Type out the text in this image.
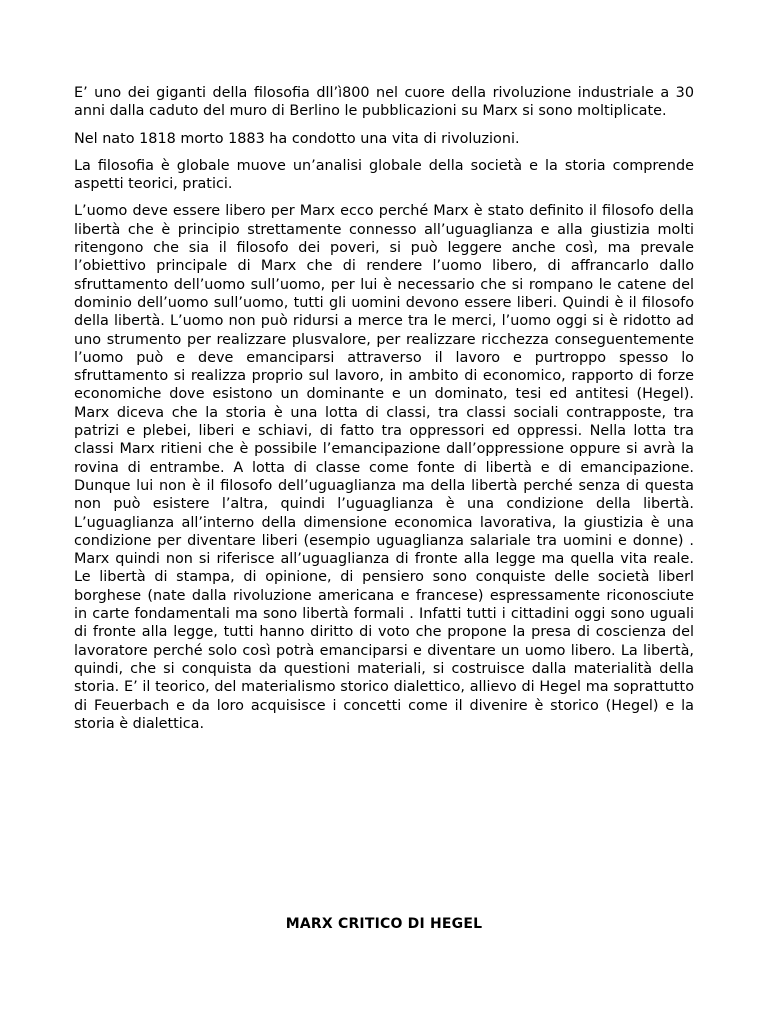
E’ uno dei giganti della filosofia dll’ì800 nel cuore della rivoluzione industriale a 30 anni dalla caduto del muro di Berlino le pubblicazioni su Marx si sono moltiplicate.

Nel nato 1818 morto 1883 ha condotto una vita di rivoluzioni.

La filosofia è globale muove un’analisi globale della società e la storia comprende aspetti teorici, pratici.

L’uomo deve essere libero per Marx ecco perché Marx è stato definito il filosofo della libertà che è principio strettamente connesso all’uguaglianza e alla giustizia molti ritengono che sia il filosofo dei poveri, si può leggere anche così, ma prevale l’obiettivo principale di Marx che di rendere l’uomo libero, di affrancarlo dallo sfruttamento dell’uomo sull’uomo, per lui è necessario che si rompano le catene del dominio dell’uomo sull’uomo, tutti gli uomini devono essere liberi. Quindi è il filosofo della libertà. L’uomo non può ridursi a merce tra le merci, l’uomo oggi si è ridotto ad uno strumento per realizzare plusvalore, per realizzare ricchezza conseguentemente l’uomo può e deve emanciparsi attraverso il lavoro e purtroppo spesso lo sfruttamento si realizza proprio sul lavoro, in ambito di economico, rapporto di forze economiche dove esistono un dominante e un dominato, tesi ed antitesi (Hegel). Marx diceva che la storia è una lotta di classi, tra classi sociali contrapposte, tra patrizi e plebei, liberi e schiavi, di fatto tra oppressori ed oppressi. Nella lotta tra classi Marx ritieni che è possibile l’emancipazione dall’oppressione oppure si avrà la rovina di entrambe. A lotta di classe come fonte di libertà e di emancipazione. Dunque lui non è il filosofo dell’uguaglianza ma della libertà perché senza di questa non può esistere l’altra, quindi l’uguaglianza è una condizione della libertà. L’uguaglianza all’interno della dimensione economica lavorativa, la giustizia è una condizione per diventare liberi (esempio uguaglianza salariale tra uomini e donne) . Marx quindi non si riferisce all’uguaglianza di fronte alla legge ma quella vita reale. Le libertà di stampa, di opinione, di pensiero sono conquiste delle società liberl borghese (nate dalla rivoluzione americana e francese) espressamente riconosciute in carte fondamentali ma sono libertà formali . Infatti tutti i cittadini oggi sono uguali di fronte alla legge, tutti hanno diritto di voto che propone la presa di coscienza del lavoratore perché solo così potrà emanciparsi e diventare un uomo libero. La libertà, quindi, che si conquista da questioni materiali, si costruisce dalla materialità della storia. E’ il teorico, del materialismo storico dialettico, allievo di Hegel ma soprattutto di Feuerbach e da loro acquisisce i concetti come il divenire è storico (Hegel) e la storia è dialettica.

MARX CRITICO DI HEGEL
